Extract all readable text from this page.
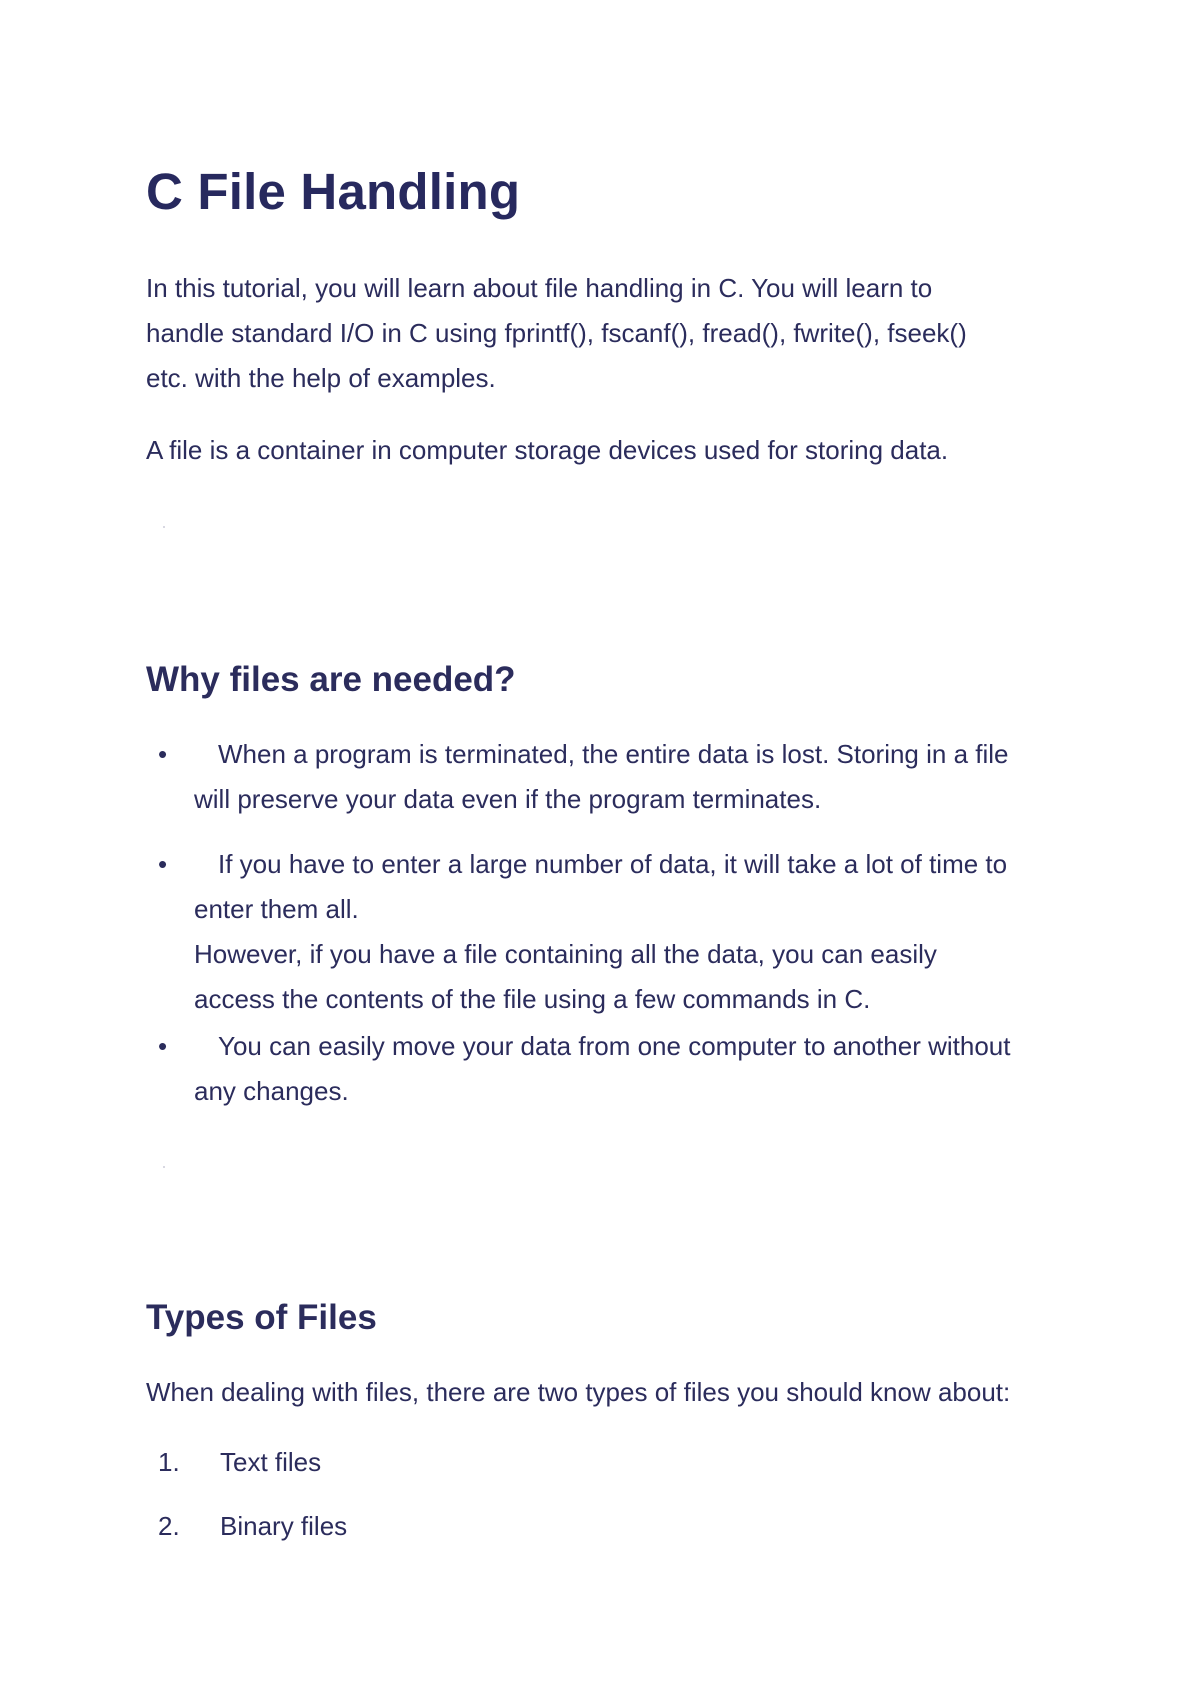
C File Handling

In this tutorial, you will learn about file handling in C. You will learn to
handle standard I/O in C using fprintf(), fscanf(), fread(), fwrite(), fseek()
etc. with the help of examples.

A file is a container in computer storage devices used for storing data.

Why files are needed?
•	When a program is terminated, the entire data is lost. Storing in a file
will preserve your data even if the program terminates.
•	If you have to enter a large number of data, it will take a lot of time to
enter them all.
However, if you have a file containing all the data, you can easily
access the contents of the file using a few commands in C.
•	You can easily move your data from one computer to another without
any changes.
Types of Files

When dealing with files, there are two types of files you should know about:

1. Text files
2. Binary files
